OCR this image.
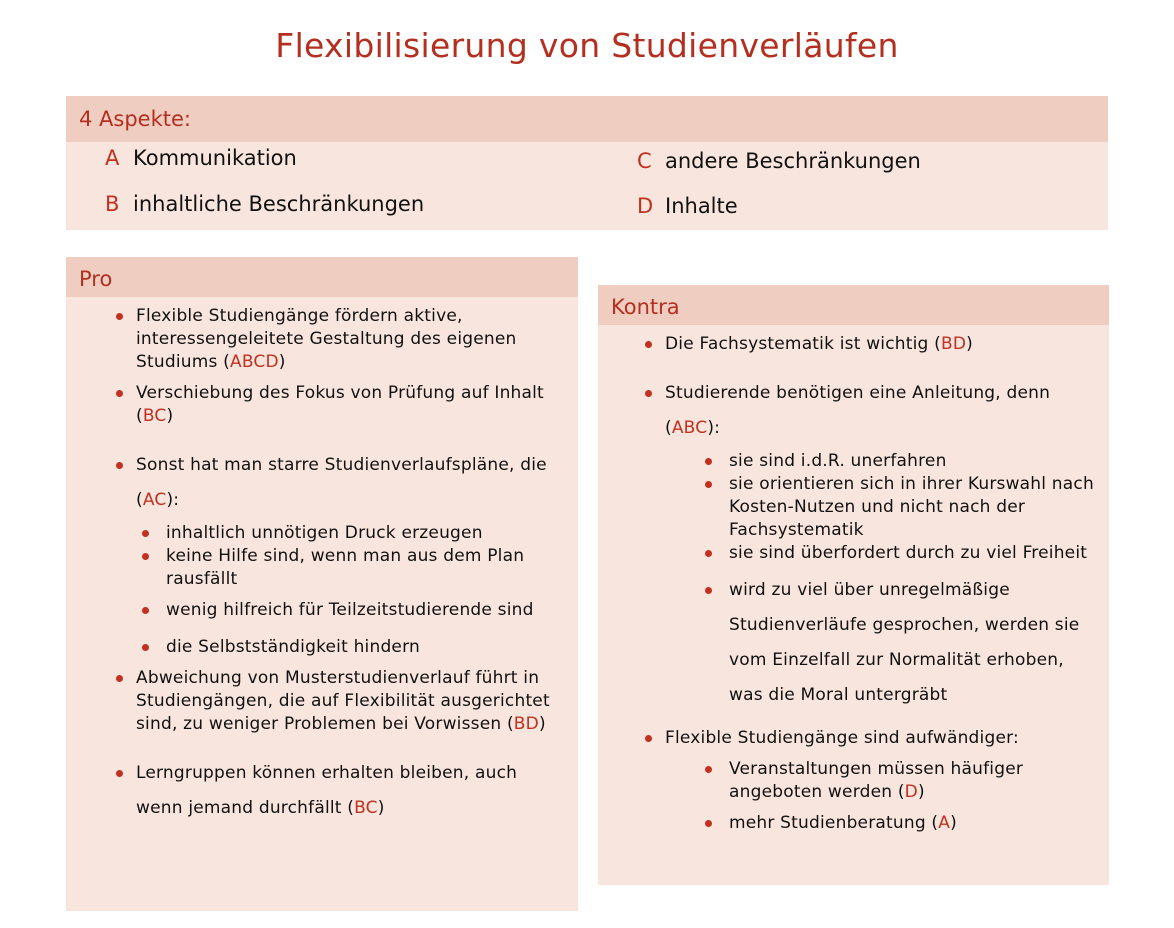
Flexibilisierung von Studienverläufen
4 Aspekte:
A Kommunikation
B inhaltliche Beschränkungen
C andere Beschränkungen
D Inhalte
Pro
Flexible Studiengänge fördern aktive, interessengeleitete Gestaltung des eigenen Studiums (ABCD)
Verschiebung des Fokus von Prüfung auf Inhalt (BC)
Sonst hat man starre Studienverlaufspläne, die (AC):
inhaltlich unnötigen Druck erzeugen
keine Hilfe sind, wenn man aus dem Plan rausfällt
wenig hilfreich für Teilzeitstudierende sind
die Selbstständigkeit hindern
Abweichung von Musterstudienverlauf führt in Studiengängen, die auf Flexibilität ausgerichtet sind, zu weniger Problemen bei Vorwissen (BD)
Lerngruppen können erhalten bleiben, auch wenn jemand durchfällt (BC)
Kontra
Die Fachsystematik ist wichtig (BD)
Studierende benötigen eine Anleitung, denn (ABC):
sie sind i.d.R. unerfahren
sie orientieren sich in ihrer Kurswahl nach Kosten-Nutzen und nicht nach der Fachsystematik
sie sind überfordert durch zu viel Freiheit
wird zu viel über unregelmäßige Studienverläufe gesprochen, werden sie vom Einzelfall zur Normalität erhoben, was die Moral untergräbt
Flexible Studiengänge sind aufwändiger:
Veranstaltungen müssen häufiger angeboten werden (D)
mehr Studienberatung (A)
